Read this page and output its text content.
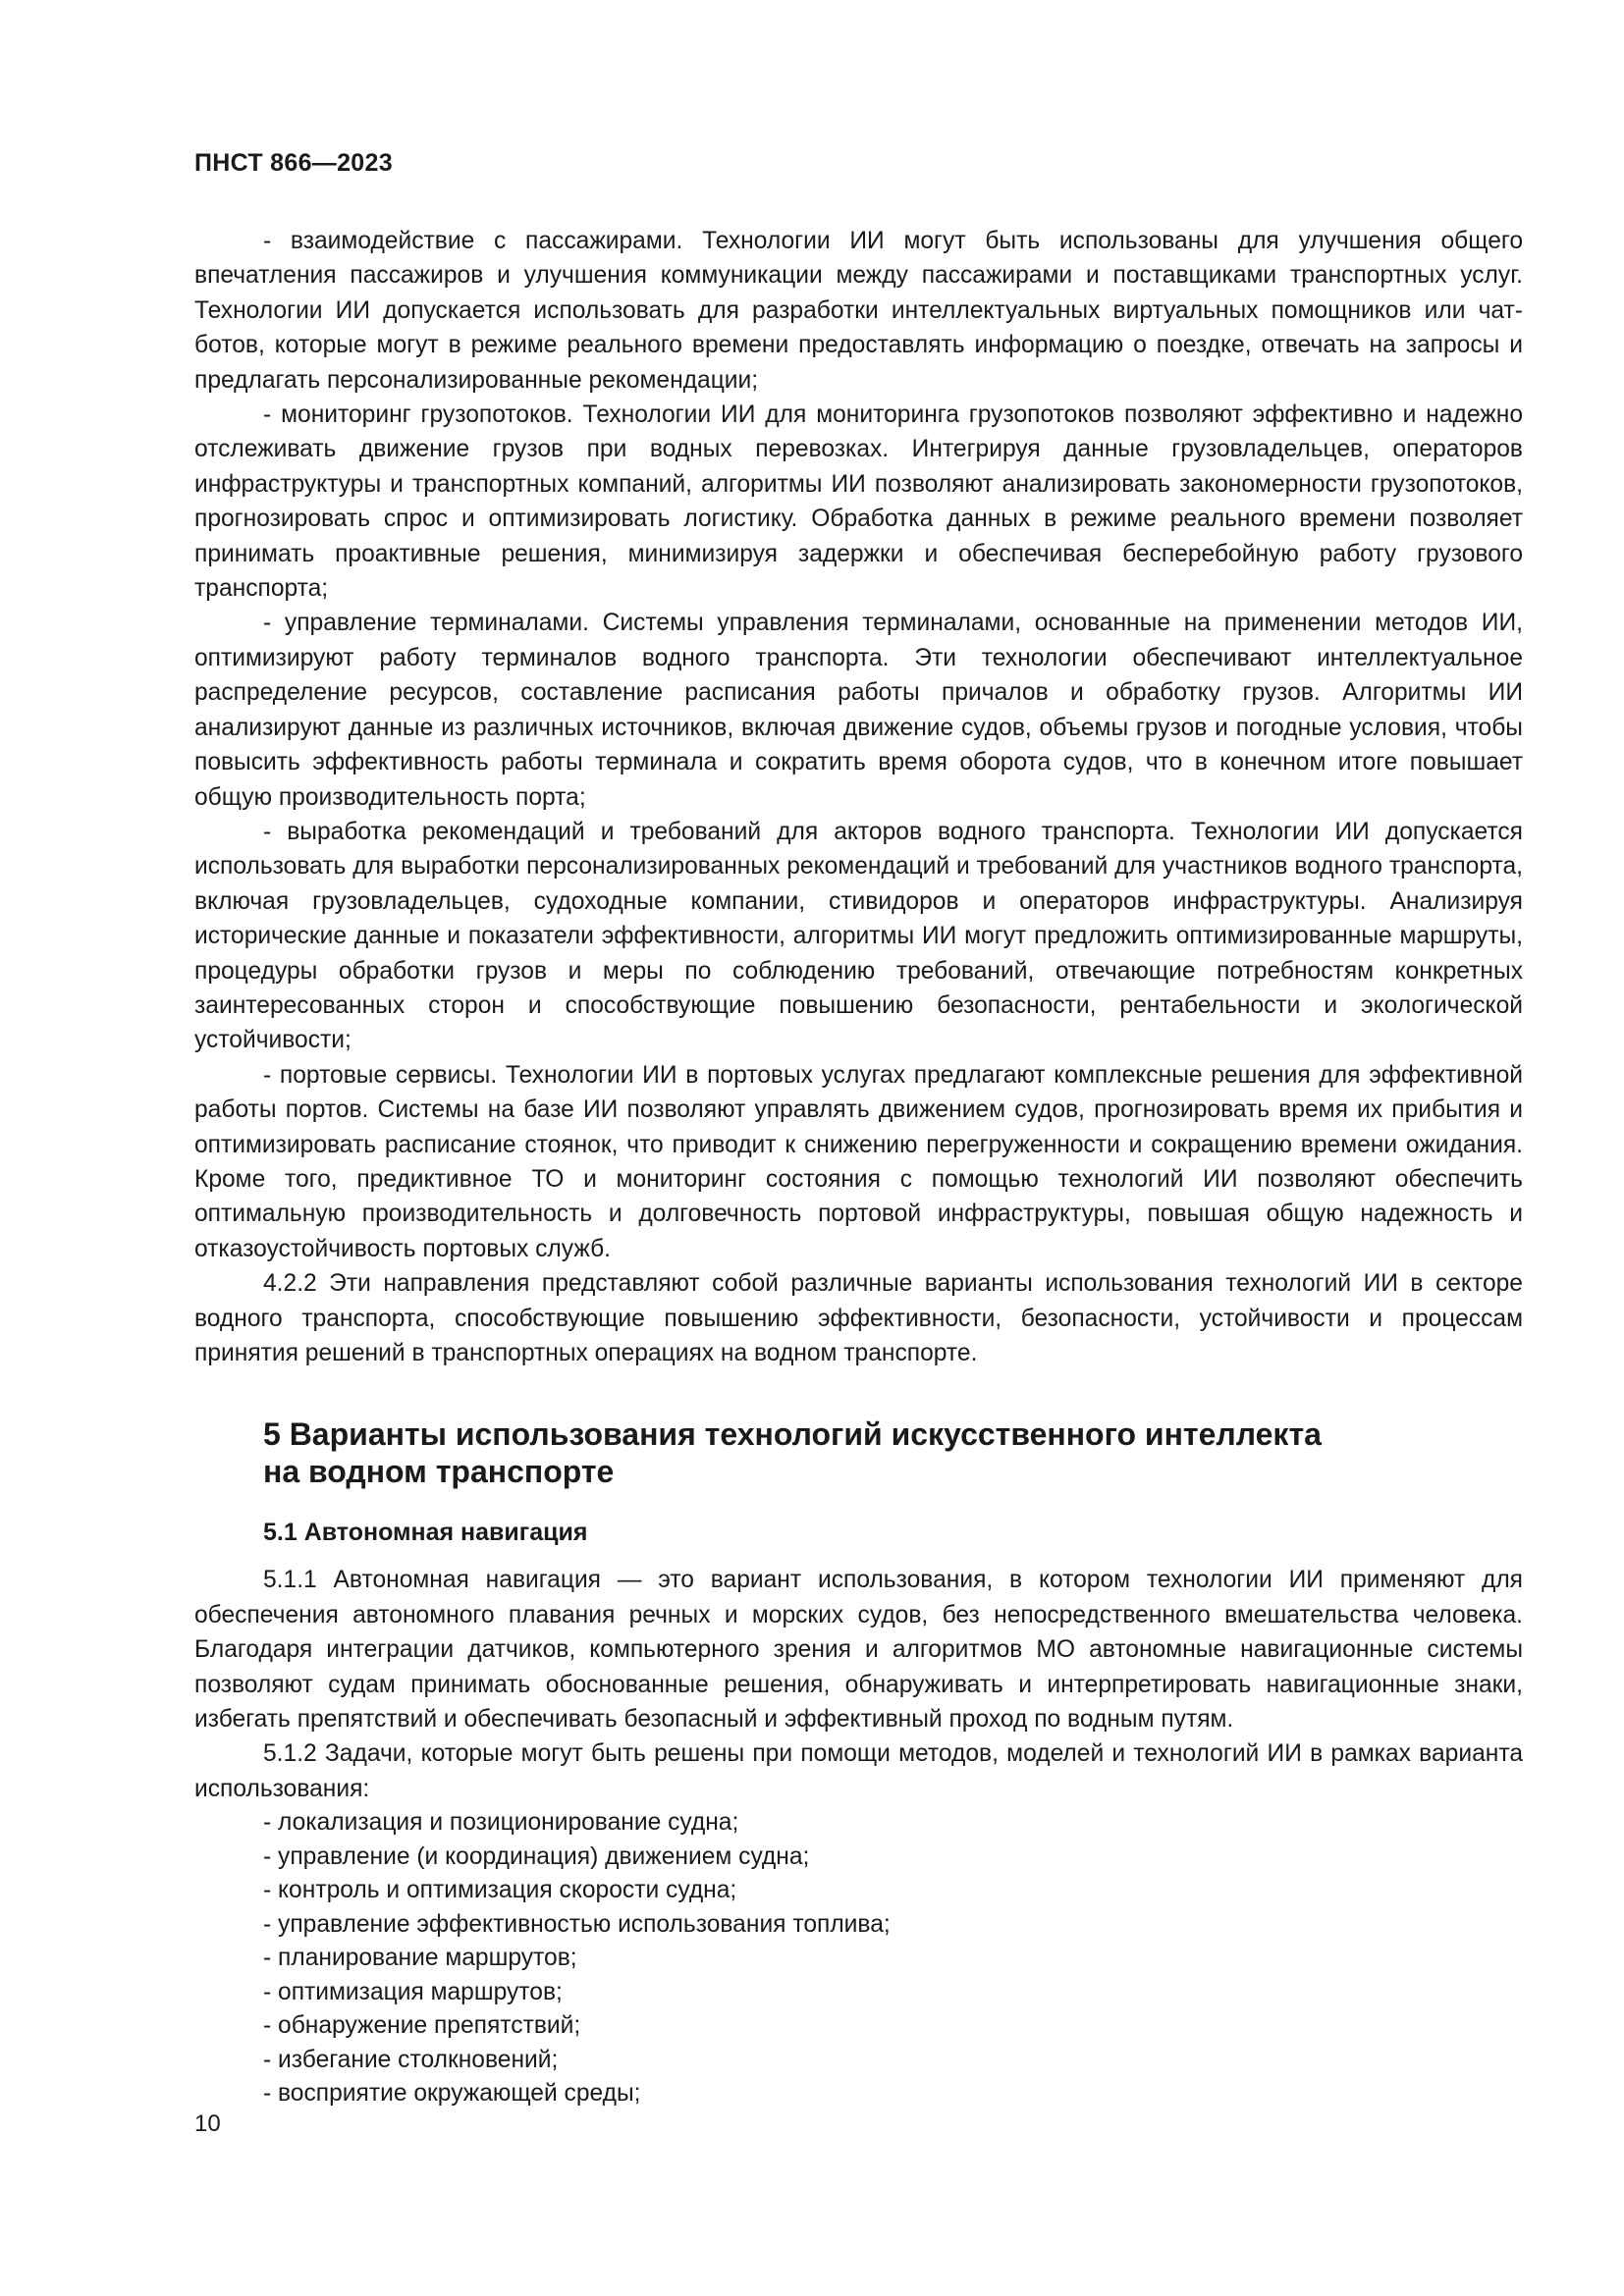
ПНСТ 866—2023

- взаимодействие с пассажирами. Технологии ИИ могут быть использованы для улучшения общего впечатления пассажиров и улучшения коммуникации между пассажирами и поставщиками транспортных услуг. Технологии ИИ допускается использовать для разработки интеллектуальных виртуальных помощников или чат-ботов, которые могут в режиме реального времени предоставлять информацию о поездке, отвечать на запросы и предлагать персонализированные рекомендации;

- мониторинг грузопотоков. Технологии ИИ для мониторинга грузопотоков позволяют эффективно и надежно отслеживать движение грузов при водных перевозках. Интегрируя данные грузовладельцев, операторов инфраструктуры и транспортных компаний, алгоритмы ИИ позволяют анализировать закономерности грузопотоков, прогнозировать спрос и оптимизировать логистику. Обработка данных в режиме реального времени позволяет принимать проактивные решения, минимизируя задержки и обеспечивая бесперебойную работу грузового транспорта;

- управление терминалами. Системы управления терминалами, основанные на применении методов ИИ, оптимизируют работу терминалов водного транспорта. Эти технологии обеспечивают интеллектуальное распределение ресурсов, составление расписания работы причалов и обработку грузов. Алгоритмы ИИ анализируют данные из различных источников, включая движение судов, объемы грузов и погодные условия, чтобы повысить эффективность работы терминала и сократить время оборота судов, что в конечном итоге повышает общую производительность порта;

- выработка рекомендаций и требований для акторов водного транспорта. Технологии ИИ допускается использовать для выработки персонализированных рекомендаций и требований для участников водного транспорта, включая грузовладельцев, судоходные компании, стивидоров и операторов инфраструктуры. Анализируя исторические данные и показатели эффективности, алгоритмы ИИ могут предложить оптимизированные маршруты, процедуры обработки грузов и меры по соблюдению требований, отвечающие потребностям конкретных заинтересованных сторон и способствующие повышению безопасности, рентабельности и экологической устойчивости;

- портовые сервисы. Технологии ИИ в портовых услугах предлагают комплексные решения для эффективной работы портов. Системы на базе ИИ позволяют управлять движением судов, прогнозировать время их прибытия и оптимизировать расписание стоянок, что приводит к снижению перегруженности и сокращению времени ожидания. Кроме того, предиктивное ТО и мониторинг состояния с помощью технологий ИИ позволяют обеспечить оптимальную производительность и долговечность портовой инфраструктуры, повышая общую надежность и отказоустойчивость портовых служб.

4.2.2 Эти направления представляют собой различные варианты использования технологий ИИ в секторе водного транспорта, способствующие повышению эффективности, безопасности, устойчивости и процессам принятия решений в транспортных операциях на водном транспорте.

5 Варианты использования технологий искусственного интеллекта
на водном транспорте
5.1 Автономная навигация

5.1.1 Автономная навигация — это вариант использования, в котором технологии ИИ применяют для обеспечения автономного плавания речных и морских судов, без непосредственного вмешательства человека. Благодаря интеграции датчиков, компьютерного зрения и алгоритмов МО автономные навигационные системы позволяют судам принимать обоснованные решения, обнаруживать и интерпретировать навигационные знаки, избегать препятствий и обеспечивать безопасный и эффективный проход по водным путям.

5.1.2 Задачи, которые могут быть решены при помощи методов, моделей и технологий ИИ в рамках варианта использования:

- локализация и позиционирование судна;
- управление (и координация) движением судна;
- контроль и оптимизация скорости судна;
- управление эффективностью использования топлива;
- планирование маршрутов;
- оптимизация маршрутов;
- обнаружение препятствий;
- избегание столкновений;
- восприятие окружающей среды;
10
